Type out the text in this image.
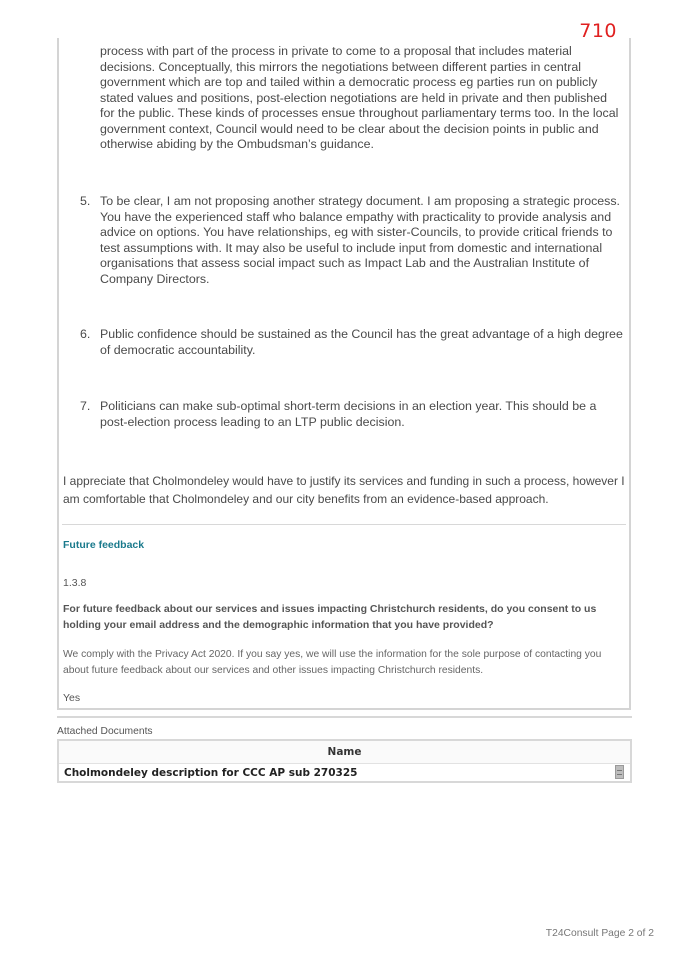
710
process with part of the process in private to come to a proposal that includes material decisions. Conceptually, this mirrors the negotiations between different parties in central government which are top and tailed within a democratic process eg parties run on publicly stated values and positions, post-election negotiations are held in private and then published for the public. These kinds of processes ensue throughout parliamentary terms too. In the local government context, Council would need to be clear about the decision points in public and otherwise abiding by the Ombudsman’s guidance.
5. To be clear, I am not proposing another strategy document. I am proposing a strategic process. You have the experienced staff who balance empathy with practicality to provide analysis and advice on options. You have relationships, eg with sister-Councils, to provide critical friends to test assumptions with. It may also be useful to include input from domestic and international organisations that assess social impact such as Impact Lab and the Australian Institute of Company Directors.
6. Public confidence should be sustained as the Council has the great advantage of a high degree of democratic accountability.
7. Politicians can make sub-optimal short-term decisions in an election year. This should be a post-election process leading to an LTP public decision.
I appreciate that Cholmondeley would have to justify its services and funding in such a process, however I am comfortable that Cholmondeley and our city benefits from an evidence-based approach.
Future feedback
1.3.8
For future feedback about our services and issues impacting Christchurch residents, do you consent to us holding your email address and the demographic information that you have provided?
We comply with the Privacy Act 2020. If you say yes, we will use the information for the sole purpose of contacting you about future feedback about our services and other issues impacting Christchurch residents.
Yes
Attached Documents
Name
Cholmondeley description for CCC AP sub 270325
T24Consult Page 2 of 2
